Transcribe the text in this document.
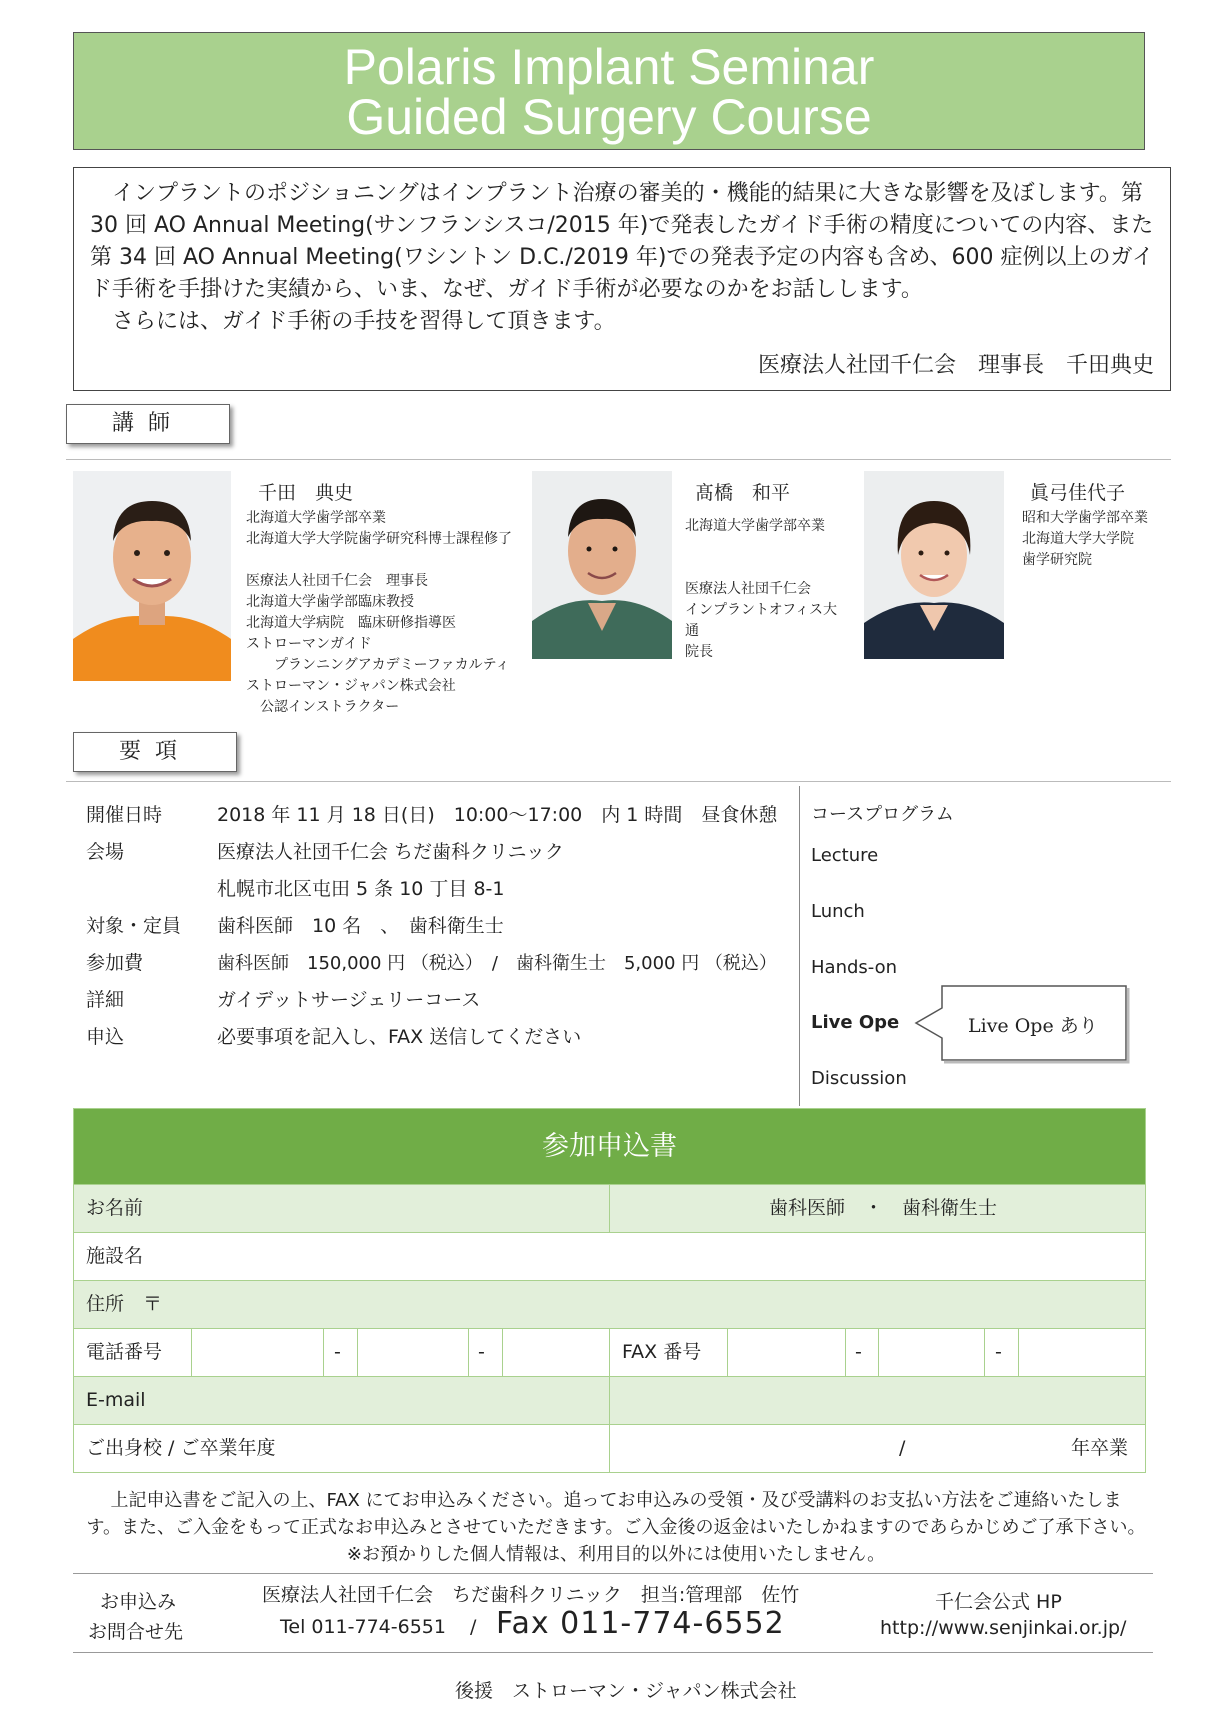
Polaris Implant Seminar
Guided Surgery Course

インプラントのポジショニングはインプラント治療の審美的・機能的結果に大きな影響を及ぼします。第 30 回 AO Annual Meeting(サンフランシスコ/2015 年)で発表したガイド手術の精度についての内容、また第 34 回 AO Annual Meeting(ワシントン D.C./2019 年)での発表予定の内容も含め、600 症例以上のガイド手術を手掛けた実績から、いま、なぜ、ガイド手術が必要なのかをお話しします。

さらには、ガイド手術の手技を習得して頂きます。

医療法人社団千仁会　理事長　千田典史

講師
千田　典史
北海道大学歯学部卒業
北海道大学大学院歯学研究科博士課程修了

医療法人社団千仁会　理事長
北海道大学歯学部臨床教授
北海道大学病院　臨床研修指導医
ストローマンガイド
　　プランニングアカデミーファカルティ
ストローマン・ジャパン株式会社
　公認インストラクター
髙橋　和平
北海道大学歯学部卒業

医療法人社団千仁会
インプラントオフィス大通
院長
眞弓佳代子
昭和大学歯学部卒業
北海道大学大学院
歯学研究院
要項
開催日時	2018 年 11 月 18 日(日)　10:00～17:00　内 1 時間　昼食休憩
会場	医療法人社団千仁会 ちだ歯科クリニック
札幌市北区屯田 5 条 10 丁目 8-1
対象・定員 歯科医師　10 名　、　歯科衛生士
参加費	歯科医師　150,000 円 （税込）　/　歯科衛生士　5,000 円 （税込）
詳細	ガイデットサージェリーコース
申込	必要事項を記入し、FAX 送信してください
コースプログラム
Lecture
Lunch
Hands-on
Live Ope
Discussion
Live Ope あり
参加申込書
お名前	歯科医師　・　歯科衛生士
施設名
住所　〒
電話番号	-	-	FAX 番号	-	-
E-mail
ご出身校 / ご卒業年度	/	年卒業
上記申込書をご記入の上、FAX にてお申込みください。追ってお申込みの受領・及び受講料のお支払い方法をご連絡いたしま
す。また、ご入金をもって正式なお申込みとさせていただきます。ご入金後の返金はいたしかねますのであらかじめご了承下さい。
※お預かりした個人情報は、利用目的以外には使用いたしません。
お申込み
お問合せ先
医療法人社団千仁会　ちだ歯科クリニック　担当:管理部　佐竹
Tel 011-774-6551 / Fax 011-774-6552
千仁会公式 HP
http://www.senjinkai.or.jp/
後援　ストローマン・ジャパン株式会社
